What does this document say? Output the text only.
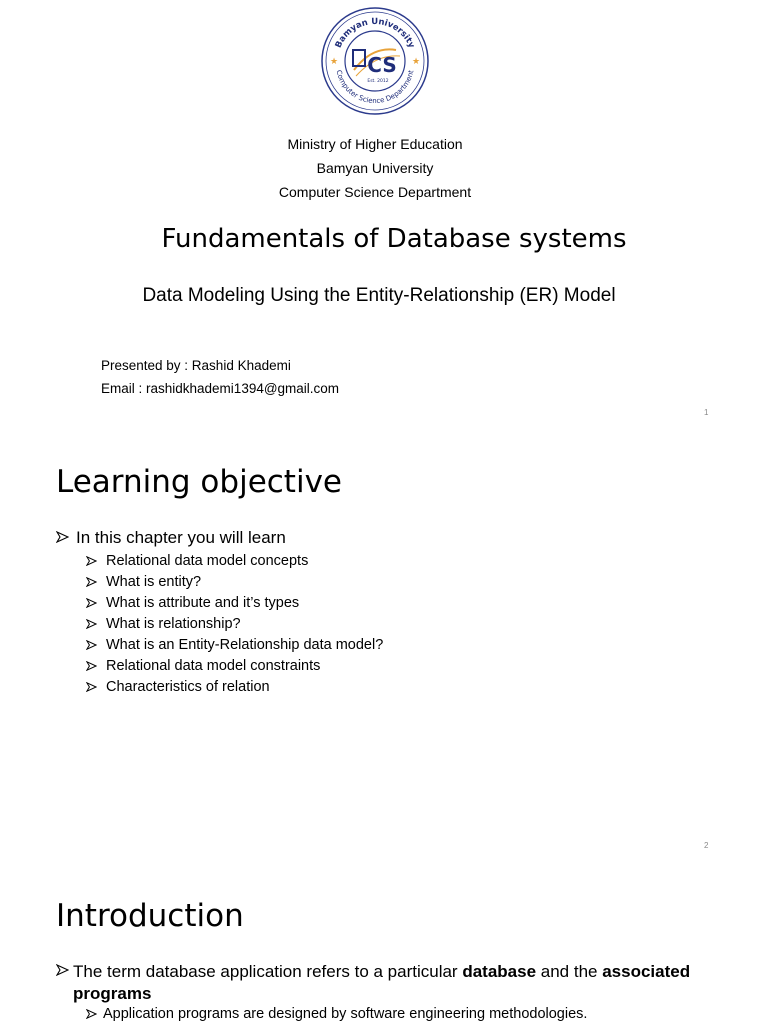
Bamyan University
Computer Science Department
★	★
CS
Est. 2012
Ministry of Higher Education
Bamyan University
Computer Science Department
Fundamentals of Database systems
Data Modeling Using the Entity-Relationship (ER) Model
Presented by : Rashid Khademi
Email : rashidkhademi1394@gmail.com
1
Learning objective
In this chapter you will learn
Relational data model concepts
What is entity?
What is attribute and it’s types
What is relationship?
What is an Entity-Relationship data model?
Relational data model constraints
Characteristics of relation
2
Introduction
The term database application refers to a particular database and the associated
programs
Application programs are designed by software engineering methodologies.
